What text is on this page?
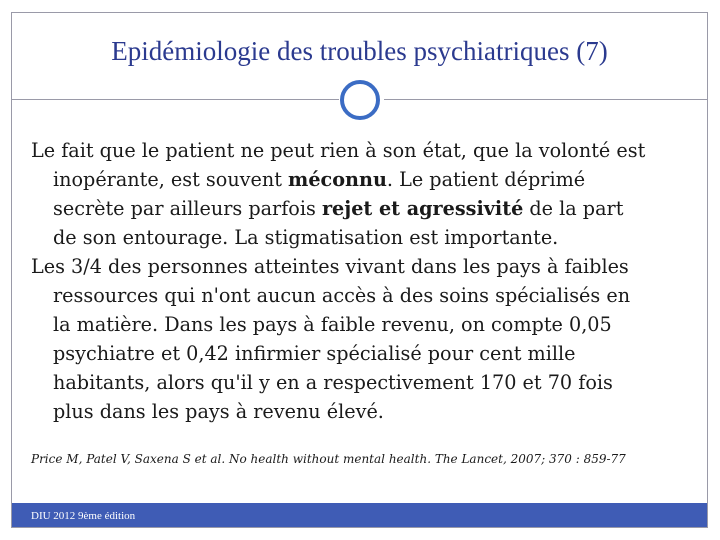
Epidémiologie des troubles psychiatriques (7)

Le fait que le patient ne peut rien à son état, que la volonté est
inopérante, est souvent méconnu. Le patient déprimé
secrète par ailleurs parfois rejet et agressivité de la part
de son entourage. La stigmatisation est importante.

Les 3/4 des personnes atteintes vivant dans les pays à faibles
ressources qui n'ont aucun accès à des soins spécialisés en
la matière. Dans les pays à faible revenu, on compte 0,05
psychiatre et 0,42 infirmier spécialisé pour cent mille
habitants, alors qu'il y en a respectivement 170 et 70 fois
plus dans les pays à revenu élevé.

Price M, Patel V, Saxena S et al. No health without mental health. The Lancet, 2007; 370 : 859-77
DIU 2012 9ème édition
